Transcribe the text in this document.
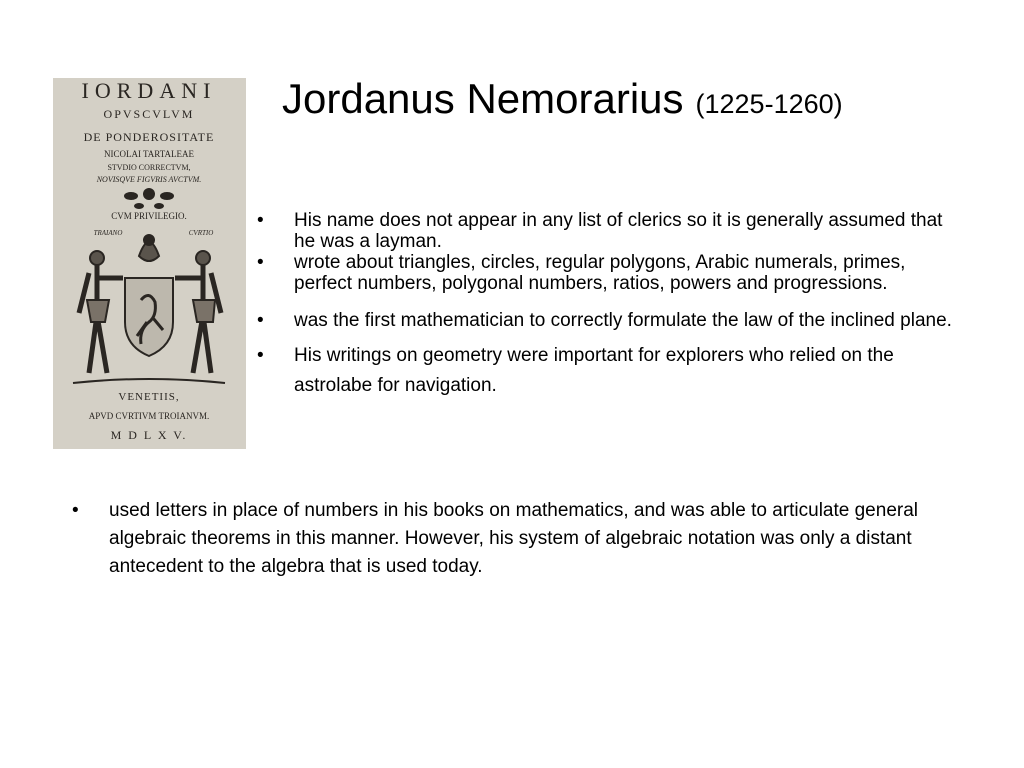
Jordanus Nemorarius (1225-1260)
IORDANI
OPVSCVLVM
DE PONDEROSITATE
NICOLAI TARTALEAE
STVDIO CORRECTVM,
NOVISQVE FIGVRIS AVCTVM.
CVM PRIVILEGIO.
TRAIANO	CVRTIO
VENETIIS,
APVD CVRTIVM TROIANVM.
M D L X V.
• His name does not appear in any list of clerics so it is generally assumed that he was a layman.
• wrote about triangles, circles, regular polygons, Arabic numerals, primes, perfect numbers, polygonal numbers, ratios, powers and progressions.
• was the first mathematician to correctly formulate the law of the inclined plane.
• His writings on geometry were important for explorers who relied on the astrolabe for navigation.
• used letters in place of numbers in his books on mathematics, and was able to articulate general algebraic theorems in this manner. However, his system of algebraic notation was only a distant antecedent to the algebra that is used today.
